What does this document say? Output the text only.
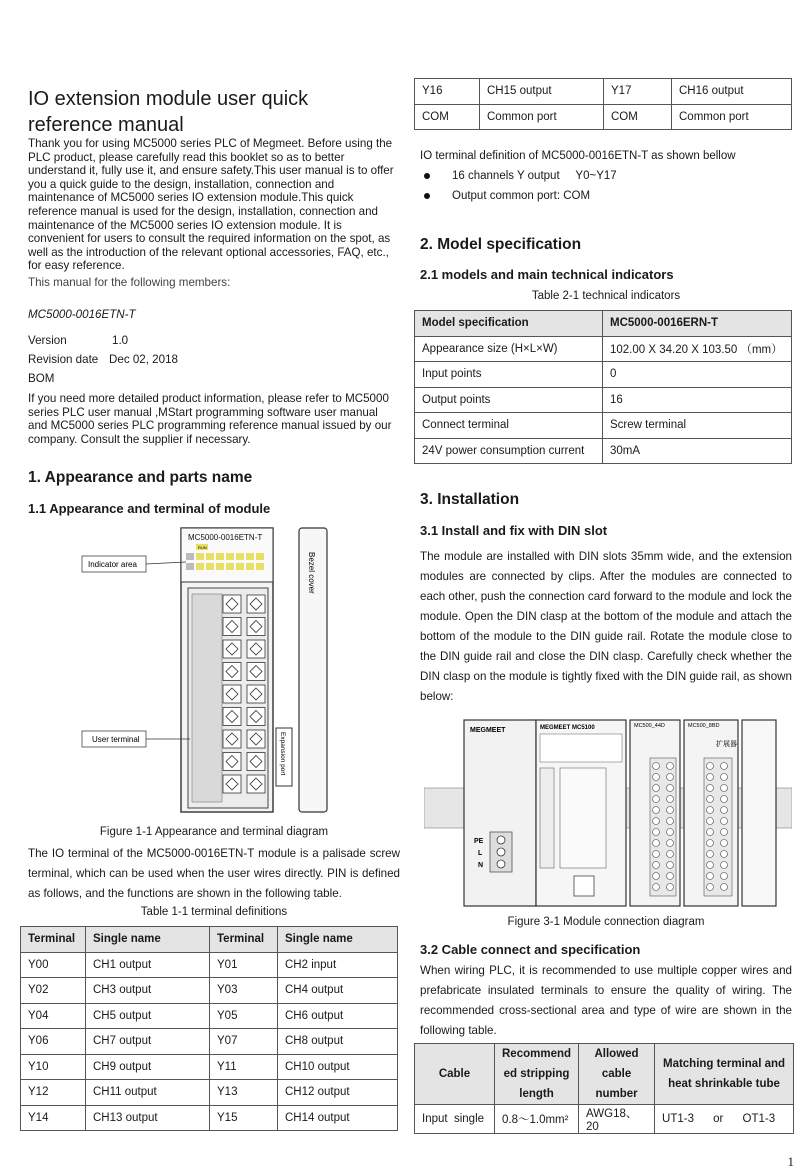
IO extension module user quick
reference manual
Thank you for using MC5000 series PLC of Megmeet. Before using the PLC product, please carefully read this booklet so as to better understand it, fully use it, and ensure safety.This user manual is to offer you a quick guide to the design, installation, connection and maintenance of MC5000 series IO extension module.This quick reference manual is used for the design, installation, connection and maintenance of the MC5000 series IO extension module. It is convenient for users to consult the required information on the spot, as well as the introduction of the relevant optional accessories, FAQ, etc., for easy reference.
This manual for the following members:
MC5000-0016ETN-T
Version	1.0
Revision date Dec 02, 2018
BOM
If you need more detailed product information, please refer to MC5000 series PLC user manual ,MStart programming software user manual and MC5000 series PLC programming reference manual issued by our company. Consult the supplier if necessary.
1. Appearance and parts name
1.1 Appearance and terminal of module
MC5000-0016ETN-T
RUN
Indicator area
User terminal
Bezel cover
Expansion port
Figure 1-1 Appearance and terminal diagram
The IO terminal of the MC5000-0016ETN-T module is a palisade screw terminal, which can be used when the user wires directly. PIN is defined as follows, and the functions are shown in the following table.
Table 1-1 terminal definitions
Terminal	Single name	Terminal	Single name
Y00	CH1 output	Y01	CH2 input
Y02	CH3 output	Y03	CH4 output
Y04	CH5 output	Y05	CH6 output
Y06	CH7 output	Y07	CH8 output
Y10	CH9 output	Y11	CH10 output
Y12	CH11 output	Y13	CH12 output
Y14	CH13 output	Y15	CH14 output
Y16	CH15 output	Y17	CH16 output
COM	Common port	COM	Common port
IO terminal definition of MC5000-0016ETN-T as shown bellow
16 channels Y output     Y0~Y17
Output common port: COM
2. Model specification
2.1 models and main technical indicators
Table 2-1 technical indicators
Model specification	MC5000-0016ERN-T
Appearance size (H×L×W)	102.00 X 34.20 X 103.50 （mm）
Input points	0
Output points	16
Connect terminal	Screw terminal
24V power consumption current	30mA
3. Installation
3.1 Install and fix with DIN slot
The module are installed with DIN slots 35mm wide, and the extension modules are connected by clips. After the modules are connected to each other, push the connection card forward to the module and lock the module. Open the DIN clasp at the bottom of the module and attach the bottom of the module to the DIN guide rail. Rotate the module close to the DIN guide rail and close the DIN clasp. Carefully check whether the DIN clasp on the module is tightly fixed with the DIN guide rail, as shown below:
MEGMEET
PE
L
N
MEGMEET MC5100	MC500_44D	MC500_8BD
扩展器
Figure 3-1 Module connection diagram
3.2 Cable connect and specification
When wiring PLC, it is recommended to use multiple copper wires and prefabricate insulated terminals to ensure the quality of wiring. The recommended cross-sectional area and type of wire are shown in the following table.
Cable	Recommend ed stripping length	Allowed cable number	Matching terminal and heat shrinkable tube
Input  single	0.8～1.0mm²	AWG18、20	UT1-3      or      OT1-3
1
